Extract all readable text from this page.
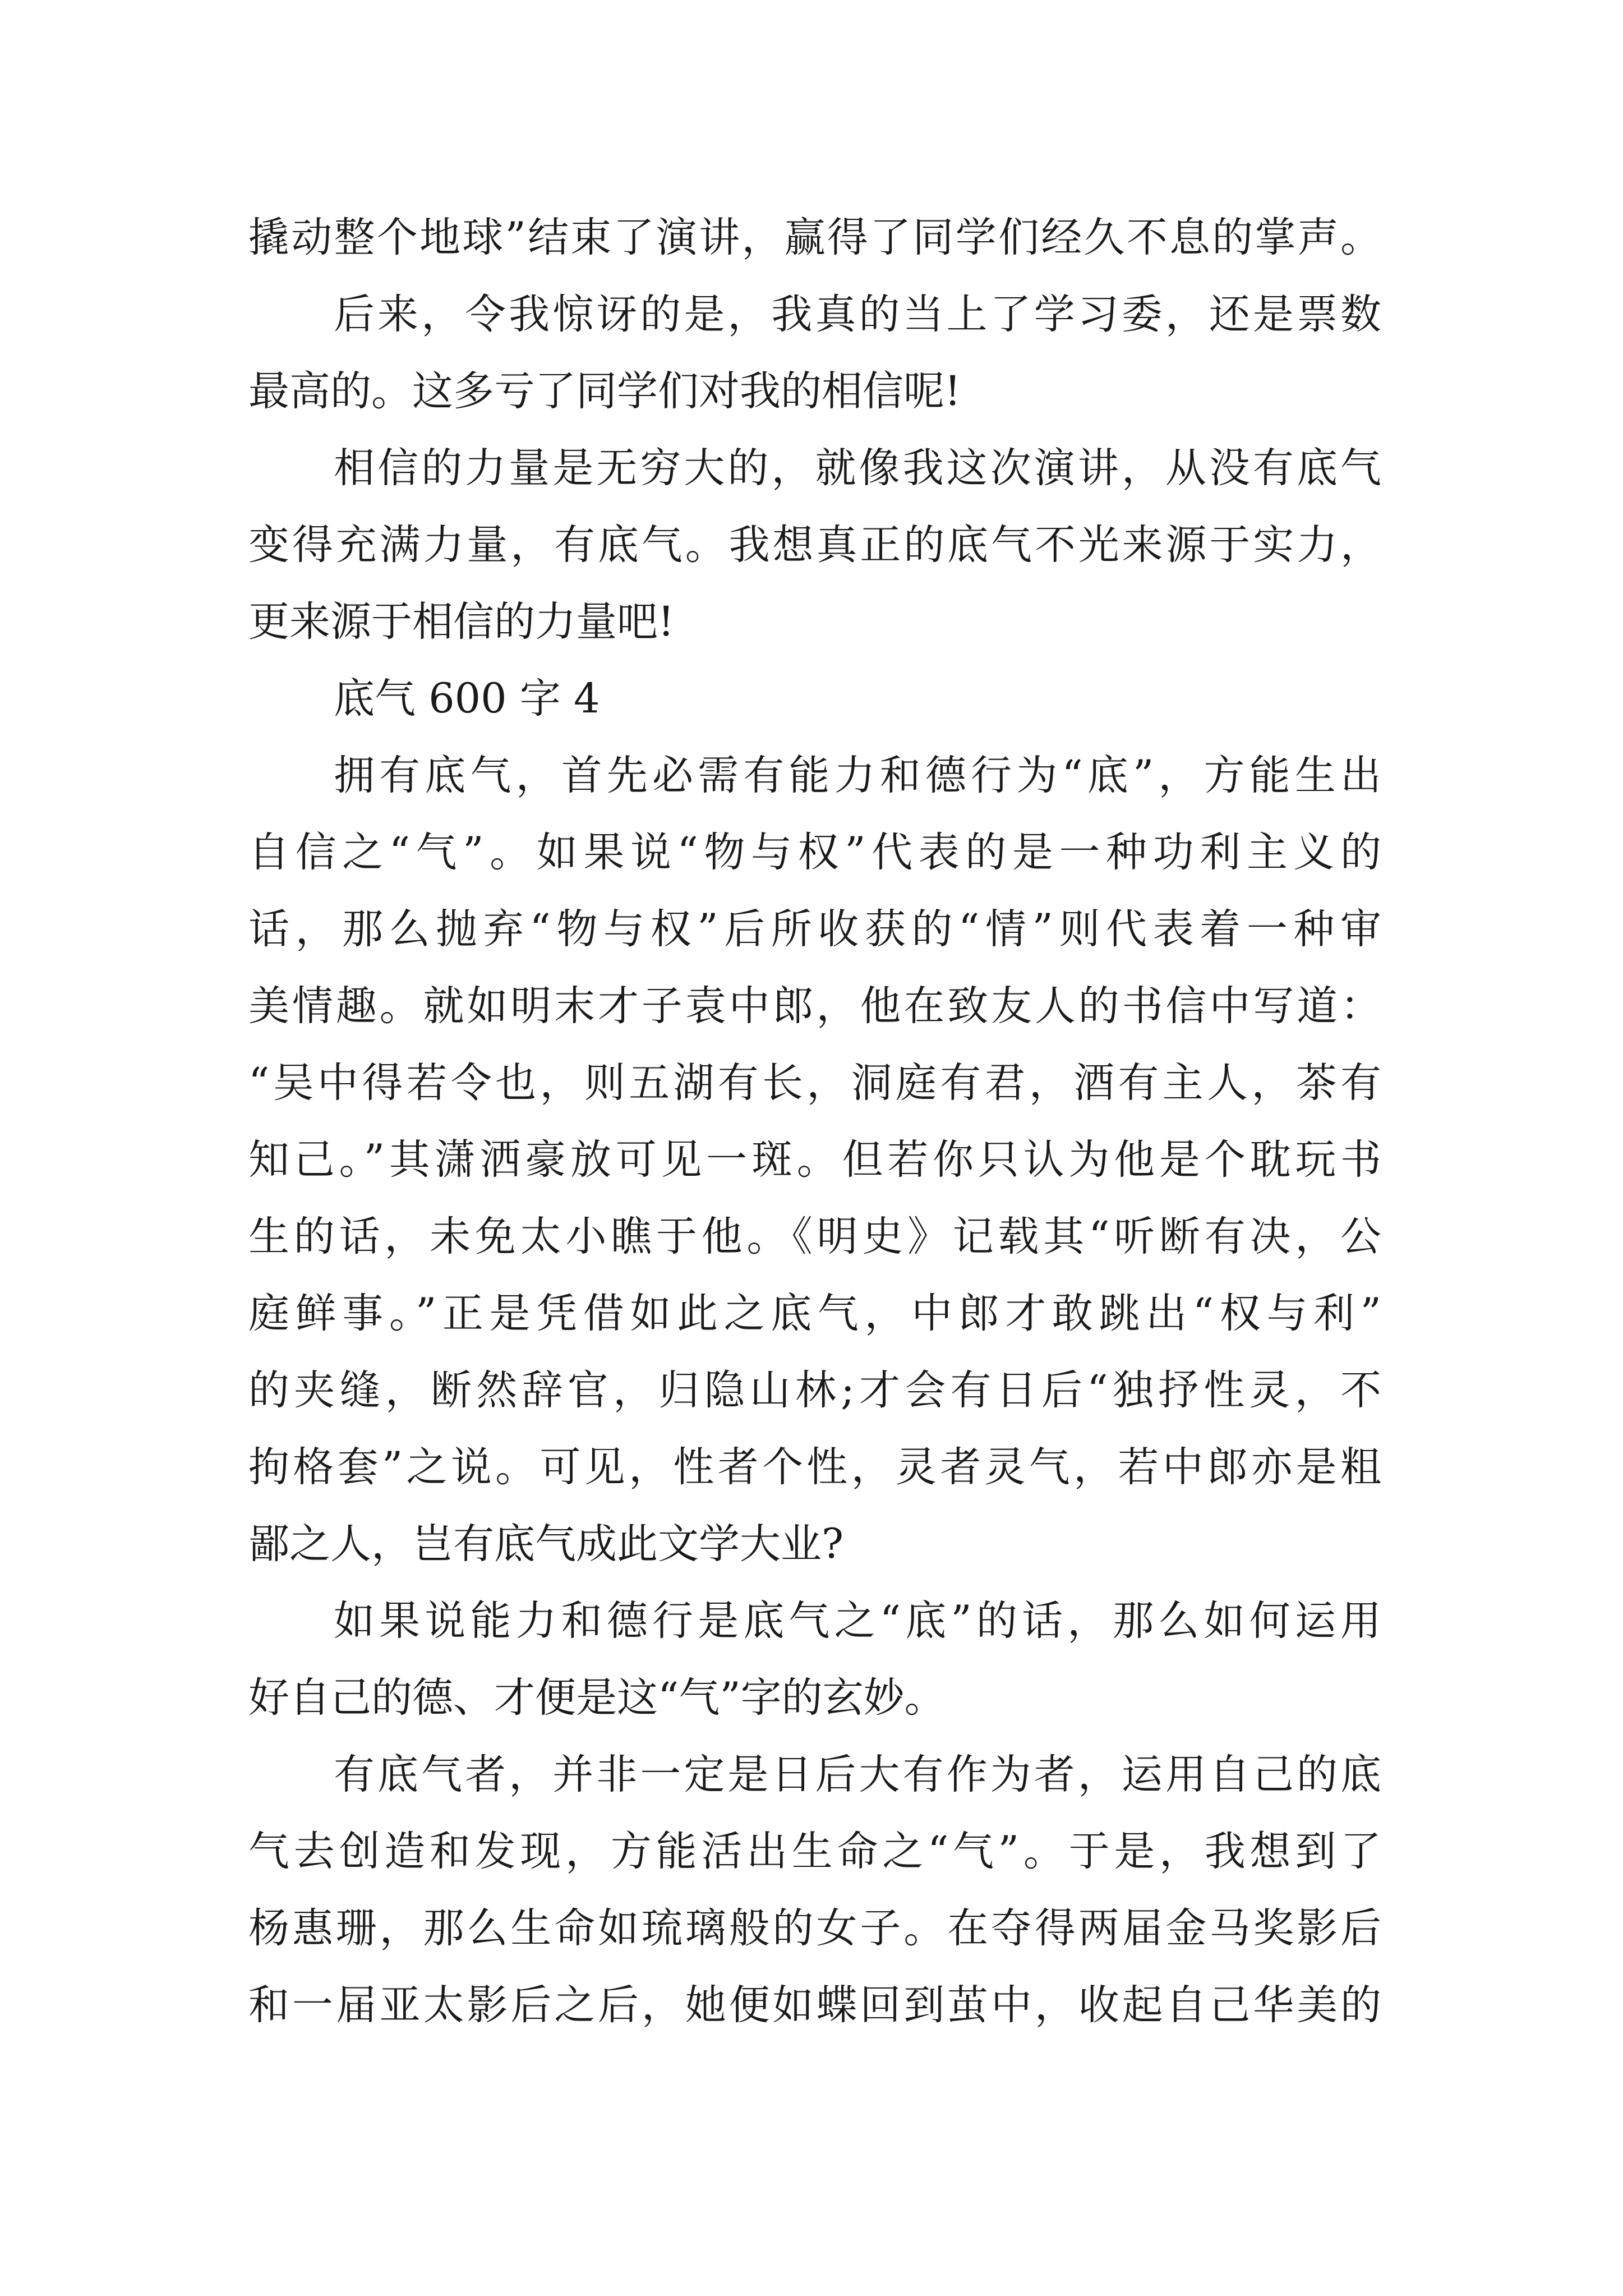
撬动整个地球”结束了演讲，赢得了同学们经久不息的掌声。
后来，令我惊讶的是，我真的当上了学习委，还是票数
最高的。这多亏了同学们对我的相信呢!
相信的力量是无穷大的，就像我这次演讲，从没有底气
变得充满力量，有底气。我想真正的底气不光来源于实力，
更来源于相信的力量吧!
底气 600 字 4
拥有底气，首先必需有能力和德行为“底”，方能生出
自信之“气”。如果说“物与权”代表的是一种功利主义的
话，那么抛弃“物与权”后所收获的“情”则代表着一种审
美情趣。就如明末才子袁中郎，他在致友人的书信中写道：
“吴中得若令也，则五湖有长，洞庭有君，酒有主人，茶有
知己。”其潇洒豪放可见一斑。但若你只认为他是个耽玩书
生的话，未免太小瞧于他。《明史》记载其“听断有决，公
庭鲜事。”正是凭借如此之底气，中郎才敢跳出“权与利”
的夹缝，断然辞官，归隐山林;才会有日后“独抒性灵，不
拘格套”之说。可见，性者个性，灵者灵气，若中郎亦是粗
鄙之人，岂有底气成此文学大业?
如果说能力和德行是底气之“底”的话，那么如何运用
好自己的德、才便是这“气”字的玄妙。
有底气者，并非一定是日后大有作为者，运用自己的底
气去创造和发现，方能活出生命之“气”。于是，我想到了
杨惠珊，那么生命如琉璃般的女子。在夺得两届金马奖影后
和一届亚太影后之后，她便如蝶回到茧中，收起自己华美的
